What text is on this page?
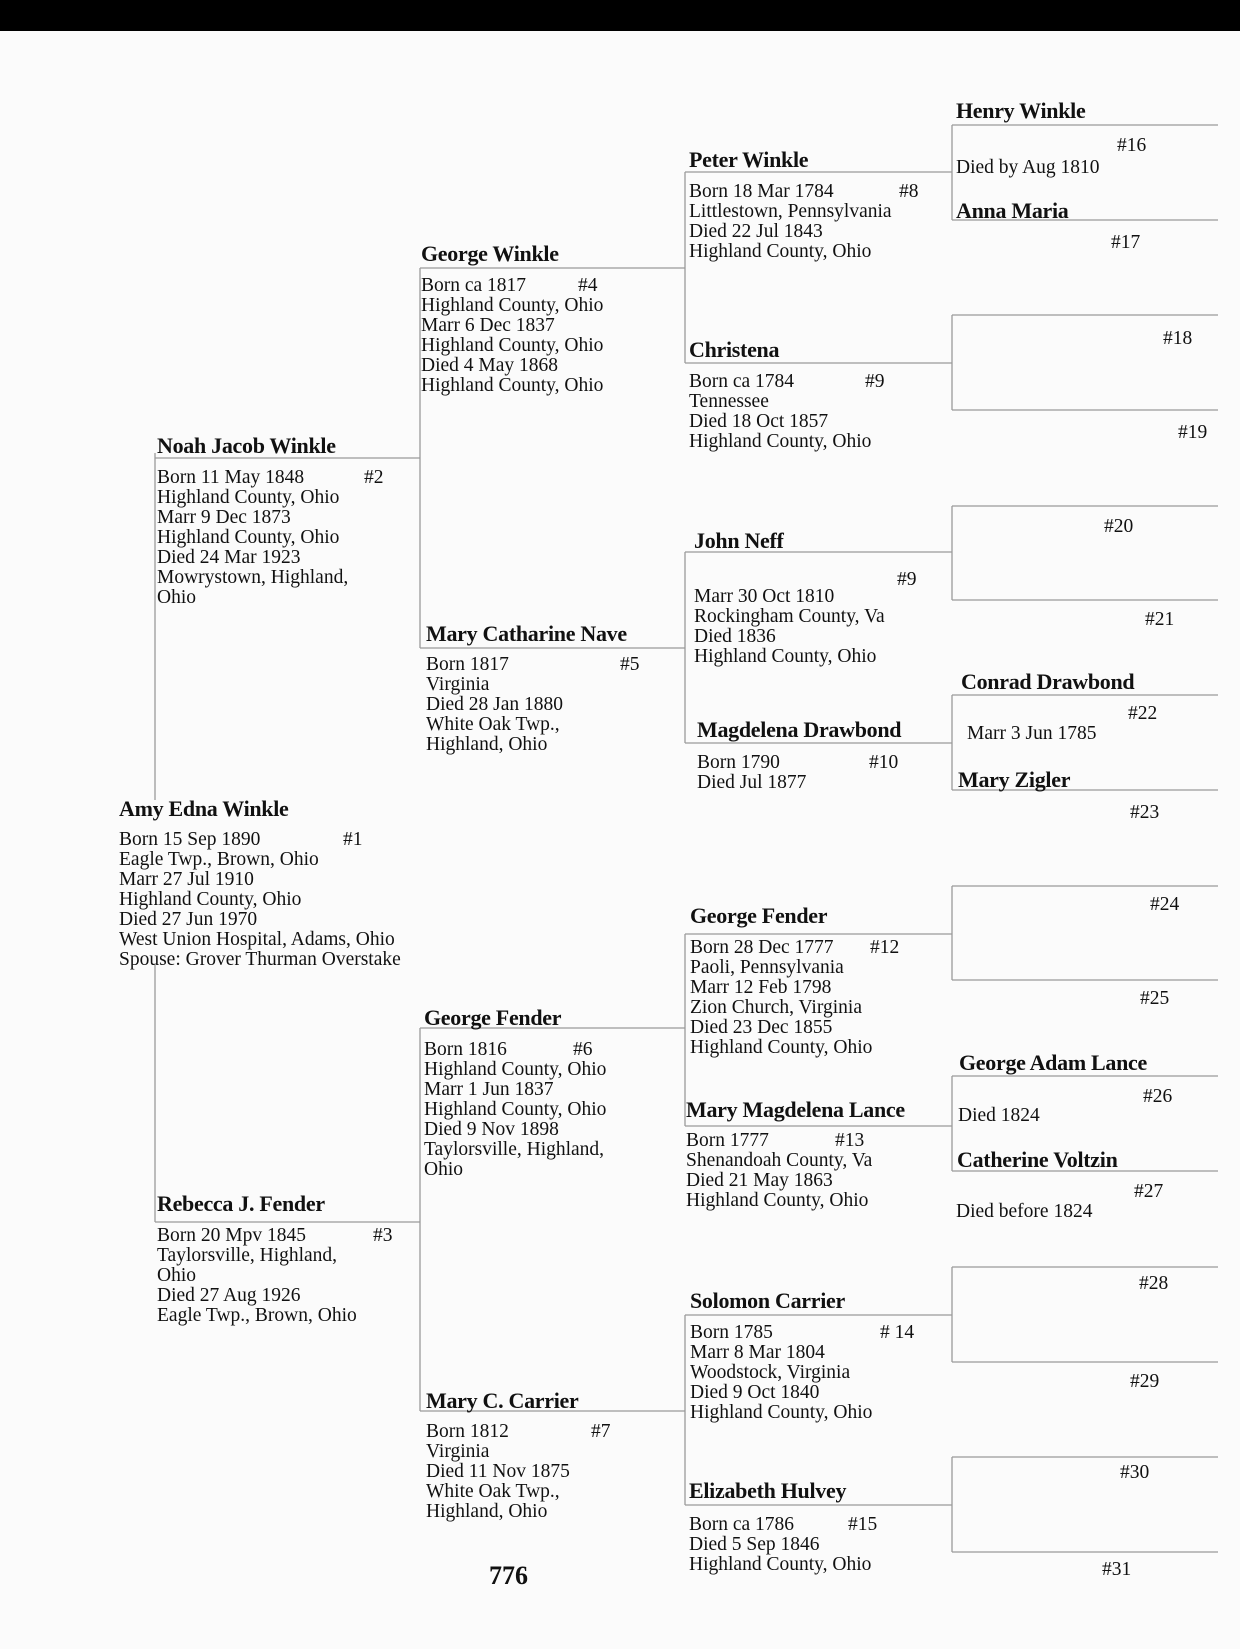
Amy Edna Winkle
#1
Born 15 Sep 1890
Eagle Twp., Brown, Ohio
Marr 27 Jul 1910
Highland County, Ohio
Died 27 Jun 1970
West Union Hospital, Adams, Ohio
Spouse: Grover Thurman Overstake
Noah Jacob Winkle
#2
Born 11 May 1848
Highland County, Ohio
Marr 9 Dec 1873
Highland County, Ohio
Died 24 Mar 1923
Mowrystown, Highland,
Ohio
Rebecca J. Fender
#3
Born 20 Mpv 1845
Taylorsville, Highland,
Ohio
Died 27 Aug 1926
Eagle Twp., Brown, Ohio
George Winkle
#4
Born ca 1817
Highland County, Ohio
Marr 6 Dec 1837
Highland County, Ohio
Died 4 May 1868
Highland County, Ohio
Mary Catharine Nave
#5
Born 1817
Virginia
Died 28 Jan 1880
White Oak Twp.,
Highland, Ohio
George Fender
#6
Born 1816
Highland County, Ohio
Marr 1 Jun 1837
Highland County, Ohio
Died 9 Nov 1898
Taylorsville, Highland,
Ohio
Mary C. Carrier
#7
Born 1812
Virginia
Died 11 Nov 1875
White Oak Twp.,
Highland, Ohio
Peter Winkle
#8
Born 18 Mar 1784
Littlestown, Pennsylvania
Died 22 Jul 1843
Highland County, Ohio
Christena
#9
Born ca 1784
Tennessee
Died 18 Oct 1857
Highland County, Ohio
John Neff
#9
Marr 30 Oct 1810
Rockingham County, Va
Died 1836
Highland County, Ohio
Magdelena Drawbond
#10
Born 1790
Died Jul 1877
George Fender
#12
Born 28 Dec 1777
Paoli, Pennsylvania
Marr 12 Feb 1798
Zion Church, Virginia
Died 23 Dec 1855
Highland County, Ohio
Mary Magdelena Lance
#13
Born 1777
Shenandoah County, Va
Died 21 May 1863
Highland County, Ohio
Solomon Carrier
# 14
Born 1785
Marr 8 Mar 1804
Woodstock, Virginia
Died 9 Oct 1840
Highland County, Ohio
Elizabeth Hulvey
#15
Born ca 1786
Died 5 Sep 1846
Highland County, Ohio
Henry Winkle
#16
Died by Aug 1810
Anna Maria
#17
#18
#19
#20
#21
Conrad Drawbond
#22
Marr 3 Jun 1785
Mary Zigler
#23
#24
#25
George Adam Lance
#26
Died 1824
Catherine Voltzin
#27
Died before 1824
#28
#29
#30
#31
776
